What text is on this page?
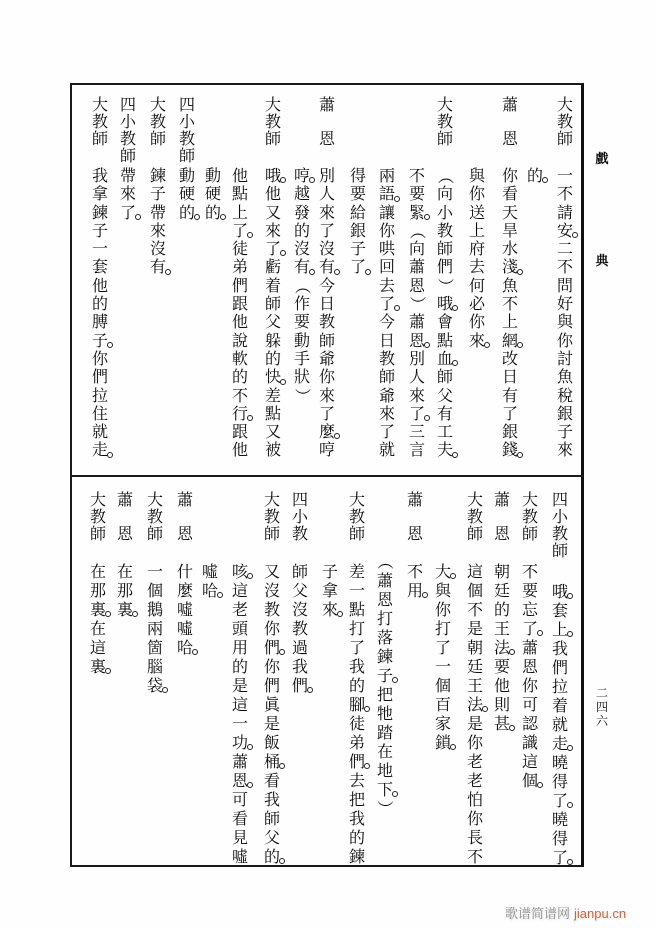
戲
典
二
四
六
大
教
師
一
不
請
安
二
不
問
好
與
你
討
魚
稅
銀
子
來
的
蕭
恩
你
看
天
旱
水
淺
魚
不
上
網
改
日
有
了
銀
錢
與
你
送
上
府
去
何
必
你
來
大
教
師
（
向
小
教
師
們
）
哦
會
點
血
師
父
有
工
夫
不
要
緊
（
向
蕭
恩
）
蕭
恩
別
人
來
了
三
言
兩
語
讓
你
哄
回
去
了
今
日
教
師
爺
來
了
就
得
要
給
銀
子
了
蕭
恩
別
人
來
了
沒
有
今
日
教
師
爺
你
來
了
麼
哼
哼
越
發
的
沒
有
（
作
要
動
手
狀
）
大
教
師
哦
他
又
來
了
虧
着
師
父
躲
的
快
差
點
又
被
他
點
上
了
徒
弟
們
跟
他
說
軟
的
不
行
跟
他
動
硬
的
四
小
教
師
動
硬
的
大
教
師
鍊
子
帶
來
沒
有
四
小
教
師
帶
來
了
大
教
師
我
拿
鍊
子
一
套
他
的
膊
子
你
們
拉
住
就
走
四
小
教
師
哦
套
上
我
們
拉
着
就
走
曉
得
了
曉
得
了
大
教
師
不
要
忘
了
蕭
恩
你
可
認
識
這
個
蕭
恩
朝
廷
的
王
法
要
他
則
甚
大
教
師
這
個
不
是
朝
廷
王
法
是
你
老
老
怕
你
長
不
大
與
你
打
了
一
個
百
家
鎖
蕭
恩
不
用
（
蕭
恩
打
落
鍊
子
把
牠
踏
在
地
下
）
大
教
師
差
一
點
打
了
我
的
腳
徒
弟
們
去
把
我
的
鍊
子
拿
來
四
小
教
師
父
沒
教
過
我
們
大
教
師
又
沒
教
你
們
你
們
眞
是
飯
桶
看
我
師
父
的
咳
這
老
頭
用
的
是
這
一
功
蕭
恩
可
看
見
噓
噓
哈
蕭
恩
什
麼
噓
噓
哈
大
教
師
一
個
鵝
兩
箇
腦
袋
蕭
恩
在
那
裏
大
教
師
在
那
裏
在
這
裏
歌谱简谱网 jianpu.cn
